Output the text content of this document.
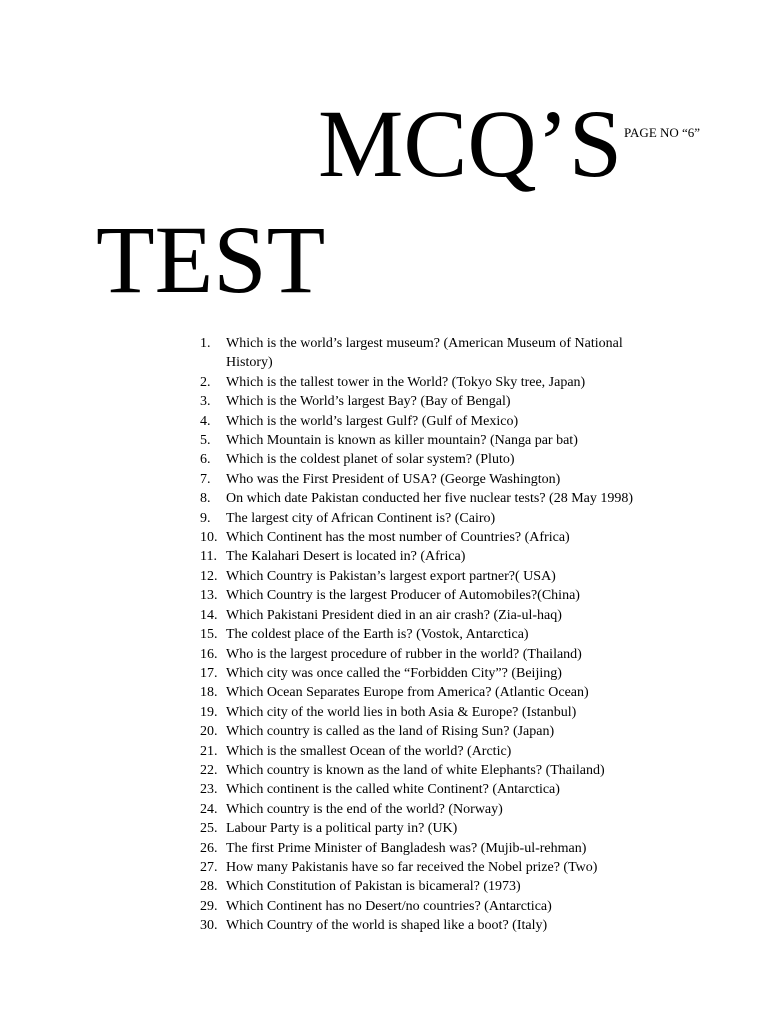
MCQ’S PAGE NO “6”
TEST
1.	Which is the world’s largest museum? (American Museum of National History)
2.	Which is the tallest tower in the World? (Tokyo Sky tree, Japan)
3.	Which is the World’s largest Bay? (Bay of Bengal)
4.	Which is the world’s largest Gulf? (Gulf of Mexico)
5.	Which Mountain is known as killer mountain? (Nanga par bat)
6.	Which is the coldest planet of solar system? (Pluto)
7.	Who was the First President of USA? (George Washington)
8.	On which date Pakistan conducted her five nuclear tests? (28 May 1998)
9.	The largest city of African Continent is? (Cairo)
10. Which Continent has the most number of Countries? (Africa)
11. The Kalahari Desert is located in? (Africa)
12. Which Country is Pakistan’s largest export partner?( USA)
13. Which Country is the largest Producer of Automobiles?(China)
14. Which Pakistani President died in an air crash? (Zia-ul-haq)
15. The coldest place of the Earth is? (Vostok, Antarctica)
16. Who is the largest procedure of rubber in the world? (Thailand)
17. Which city was once called the “Forbidden City”? (Beijing)
18. Which Ocean Separates Europe from America? (Atlantic Ocean)
19. Which city of the world lies in both Asia & Europe? (Istanbul)
20. Which country is called as the land of Rising Sun? (Japan)
21. Which is the smallest Ocean of the world? (Arctic)
22. Which country is known as the land of white Elephants? (Thailand)
23. Which continent is the called white Continent? (Antarctica)
24. Which country is the end of the world? (Norway)
25. Labour Party is a political party in? (UK)
26. The first Prime Minister of Bangladesh was? (Mujib-ul-rehman)
27. How many Pakistanis have so far received the Nobel prize? (Two)
28. Which Constitution of Pakistan is bicameral? (1973)
29. Which Continent has no Desert/no countries? (Antarctica)
30. Which Country of the world is shaped like a boot? (Italy)
